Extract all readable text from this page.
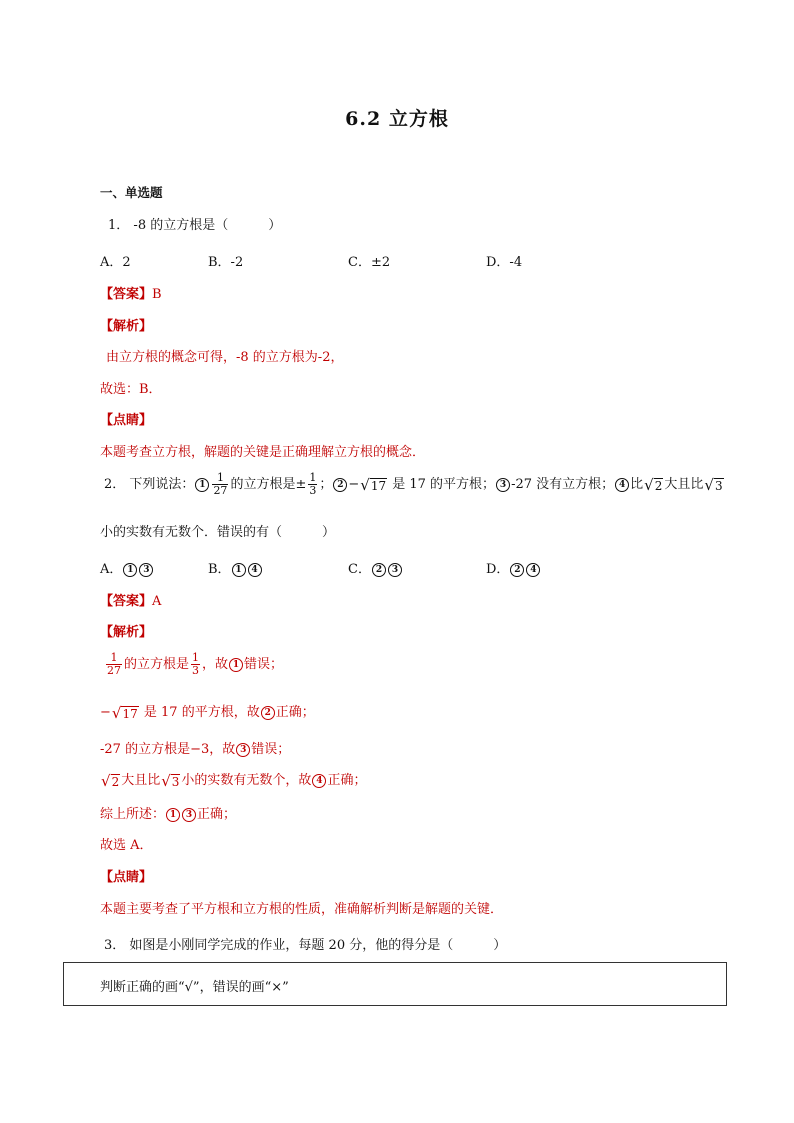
6.2 立方根
一、单选题
1． -8 的立方根是（	）
A．2	B．-2	C．±2	D．-4
【答案】B
【解析】
由立方根的概念可得，-8 的立方根为-2，
故选：B．
【点睛】
本题考查立方根，解题的关键是正确理解立方根的概念．
2． 下列说法： $1 \frac{1}{27}$ 的立方根是± $\frac{1}{3}$ ； 2 −√17 是 17 的平方根； 3 -27 没有立方根； 4 比√2 大且比√3
小的实数有无数个．错误的有（	）
A． 1 3	B． 1 4	C． 2 3	D． 2 4
【答案】A
【解析】
$\frac{1}{27}$ 的立方根是 $\frac{1}{3}$ ，故 1 错误；
−√17 是 17 的平方根，故 2 正确；
-27 的立方根是−3，故 3 错误；
√2 大且比√3 小的实数有无数个，故 4 正确；
综上所述： 1 3 正确；
故选 A．
【点睛】
本题主要考查了平方根和立方根的性质，准确解析判断是解题的关键．
3． 如图是小刚同学完成的作业，每题 20 分，他的得分是（	）
判断正确的画“√”，错误的画“×”
